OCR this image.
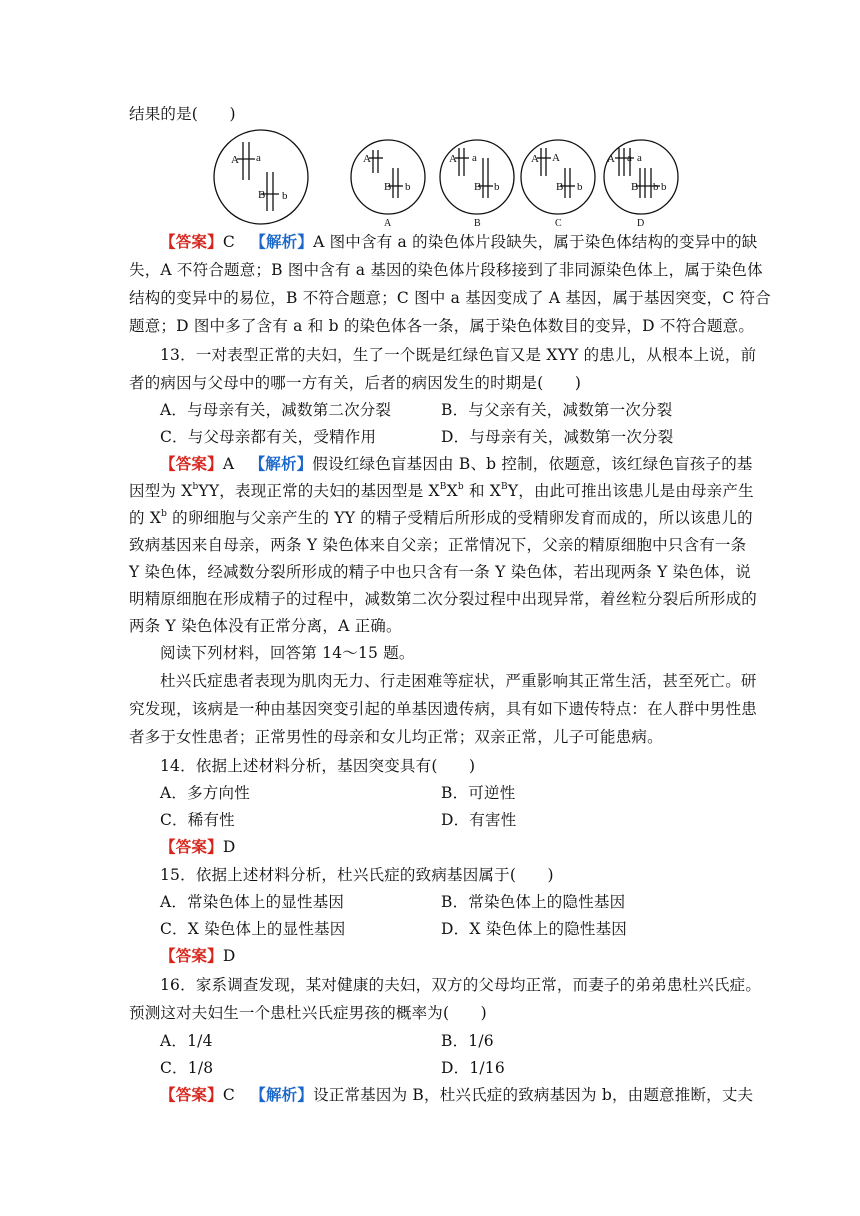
结果的是(　　)
A a
B b
A
B b
A a
B b
A A
B b
A a a
B b b
A	B	C	D
【答案】C 【解析】A 图中含有 a 的染色体片段缺失，属于染色体结构的变异中的缺
失，A 不符合题意；B 图中含有 a 基因的染色体片段移接到了非同源染色体上，属于染色体
结构的变异中的易位，B 不符合题意；C 图中 a 基因变成了 A 基因，属于基因突变，C 符合
题意；D 图中多了含有 a 和 b 的染色体各一条，属于染色体数目的变异，D 不符合题意。
13．一对表型正常的夫妇，生了一个既是红绿色盲又是 XYY 的患儿，从根本上说，前
者的病因与父母中的哪一方有关，后者的病因发生的时期是(　　)
A．与母亲有关，减数第二次分裂	B．与父亲有关，减数第一次分裂
C．与父母亲都有关，受精作用	D．与母亲有关，减数第一次分裂
【答案】A 【解析】假设红绿色盲基因由 B、b 控制，依题意，该红绿色盲孩子的基
因型为 $X^bYY$，表现正常的夫妇的基因型是 $X^BX^b$ 和 $X^BY$，由此可推出该患儿是由母亲产生
的 $X^b$ 的卵细胞与父亲产生的 YY 的精子受精后所形成的受精卵发育而成的，所以该患儿的
致病基因来自母亲，两条 Y 染色体来自父亲；正常情况下，父亲的精原细胞中只含有一条
Y 染色体，经减数分裂所形成的精子中也只含有一条 Y 染色体，若出现两条 Y 染色体，说
明精原细胞在形成精子的过程中，减数第二次分裂过程中出现异常，着丝粒分裂后所形成的
两条 Y 染色体没有正常分离，A 正确。
阅读下列材料，回答第 14～15 题。
杜兴氏症患者表现为肌肉无力、行走困难等症状，严重影响其正常生活，甚至死亡。研
究发现，该病是一种由基因突变引起的单基因遗传病，具有如下遗传特点：在人群中男性患
者多于女性患者；正常男性的母亲和女儿均正常；双亲正常，儿子可能患病。
14．依据上述材料分析，基因突变具有(　　)
A．多方向性	B．可逆性
C．稀有性	D．有害性
【答案】D
15．依据上述材料分析，杜兴氏症的致病基因属于(　　)
A．常染色体上的显性基因	B．常染色体上的隐性基因
C．X 染色体上的显性基因	D．X 染色体上的隐性基因
【答案】D
16．家系调查发现，某对健康的夫妇，双方的父母均正常，而妻子的弟弟患杜兴氏症。
预测这对夫妇生一个患杜兴氏症男孩的概率为(　　)
A．1/4	B．1/6
C．1/8	D．1/16
【答案】C 【解析】设正常基因为 B，杜兴氏症的致病基因为 b，由题意推断，丈夫
